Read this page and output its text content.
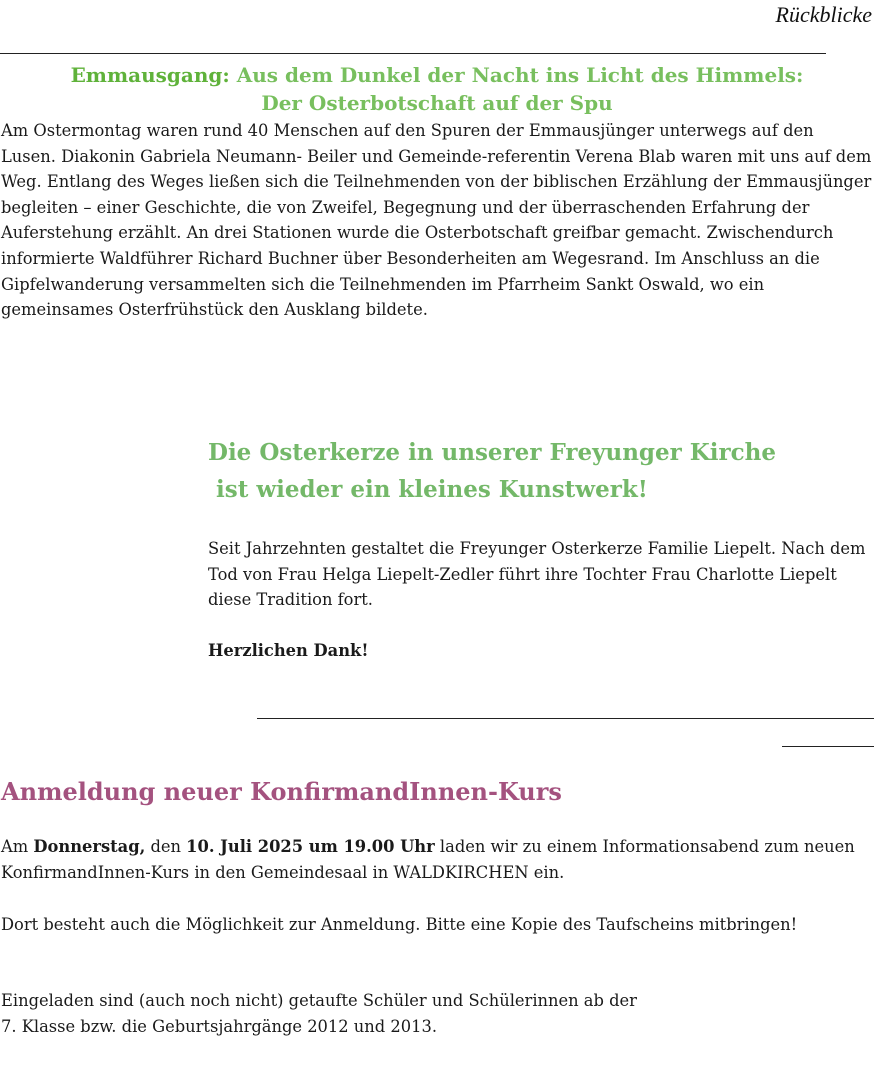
Rückblicke
Emmausgang: Aus dem Dunkel der Nacht ins Licht des Himmels:
Der Osterbotschaft auf der Spu

Am Ostermontag waren rund 40 Menschen auf den Spuren der Emmausjünger unterwegs auf den Lusen. Diakonin Gabriela Neumann- Beiler und Gemeinde-referentin Verena Blab waren mit uns auf dem Weg. Entlang des Weges ließen sich die Teilnehmenden von der biblischen Erzählung der Emmausjünger begleiten – einer Geschichte, die von Zweifel, Begegnung und der überraschenden Erfahrung der Auferstehung erzählt. An drei Stationen wurde die Osterbotschaft greifbar gemacht. Zwischendurch informierte Waldführer Richard Buchner über Besonderheiten am Wegesrand. Im Anschluss an die Gipfelwanderung versammelten sich die Teilnehmenden im Pfarrheim Sankt Oswald, wo ein gemeinsames Osterfrühstück den Ausklang bildete.

Die Osterkerze in unserer Freyunger Kirche
ist wieder ein kleines Kunstwerk!

Seit Jahrzehnten gestaltet die Freyunger Osterkerze Familie Liepelt. Nach dem Tod von Frau Helga Liepelt-Zedler führt ihre Tochter Frau Charlotte Liepelt diese Tradition fort.

Herzlichen Dank!

Anmeldung neuer KonfirmandInnen-Kurs

Am Donnerstag, den 10. Juli 2025 um 19.00 Uhr laden wir zu einem Informationsabend zum neuen KonfirmandInnen-Kurs in den Gemeindesaal in WALDKIRCHEN ein.

Dort besteht auch die Möglichkeit zur Anmeldung. Bitte eine Kopie des Taufscheins mitbringen!

Eingeladen sind (auch noch nicht) getaufte Schüler und Schülerinnen ab der
7. Klasse bzw. die Geburtsjahrgänge 2012 und 2013.
